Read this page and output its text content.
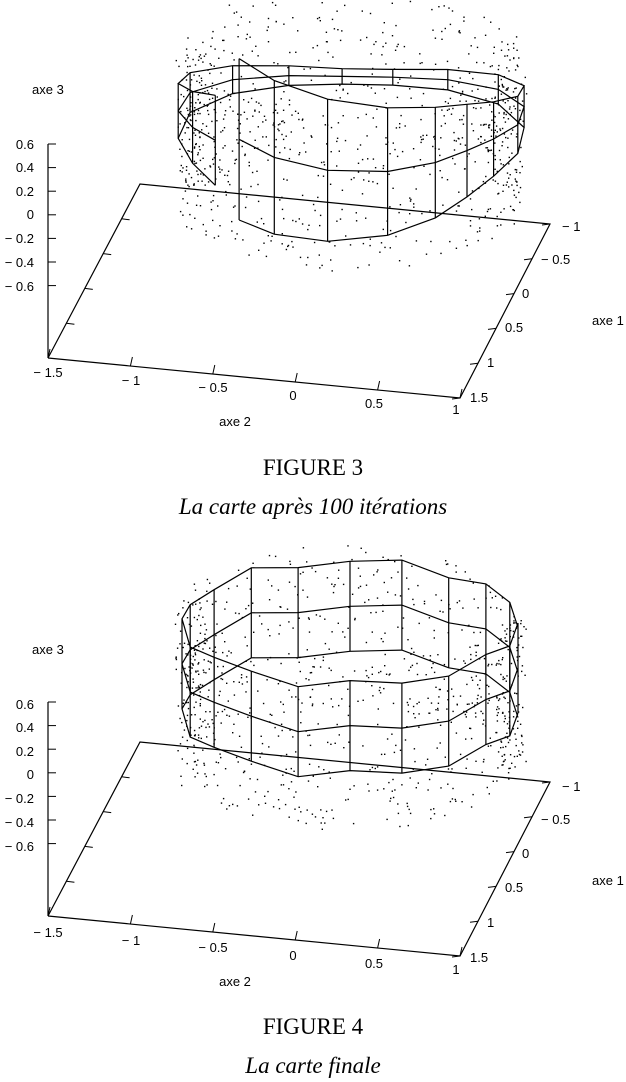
axe 3
0.6
0.4
0.2
0
− 0.2
− 0.4
− 0.6
− 1.5
− 1	− 0.5
0
0.5	1
axe 2
− 1
− 0.5
0
0.5
1
1.5
axe 1
FIGURE 3
La carte après 100 itérations
axe 3
0.6
0.4
0.2
0
− 0.2
− 0.4
− 0.6
− 1.5
− 1	− 0.5
0
0.5	1
axe 2
− 1
− 0.5
0
0.5
1
1.5
axe 1
FIGURE 4
La carte finale
